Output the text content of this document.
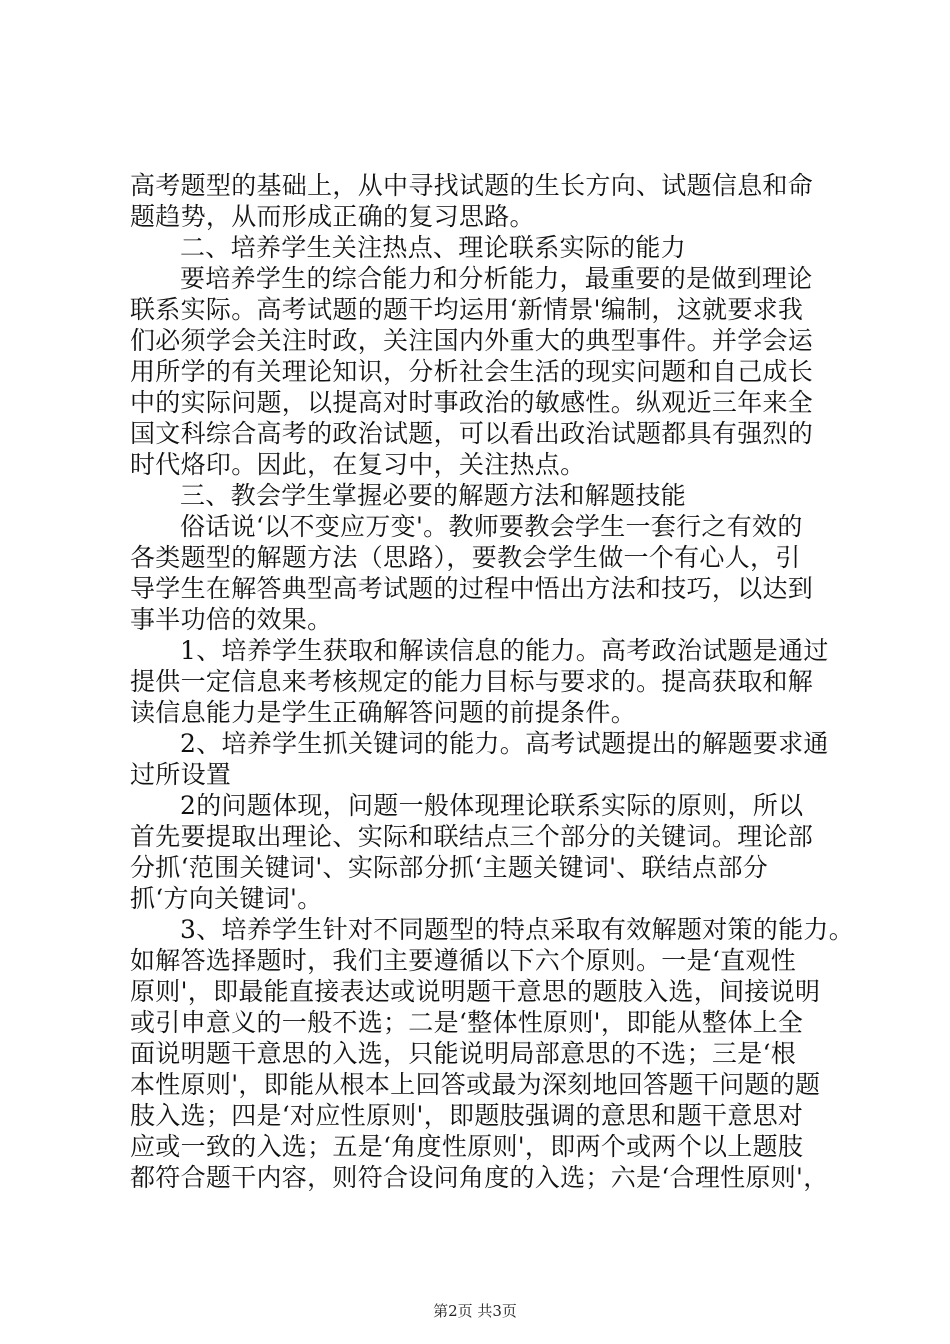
高考题型的基础上，从中寻找试题的生长方向、试题信息和命
题趋势，从而形成正确的复习思路。
二、培养学生关注热点、理论联系实际的能力
要培养学生的综合能力和分析能力，最重要的是做到理论
联系实际。高考试题的题干均运用‘新情景'编制，这就要求我
们必须学会关注时政，关注国内外重大的典型事件。并学会运
用所学的有关理论知识，分析社会生活的现实问题和自己成长
中的实际问题，以提高对时事政治的敏感性。纵观近三年来全
国文科综合高考的政治试题，可以看出政治试题都具有强烈的
时代烙印。因此，在复习中，关注热点。
三、教会学生掌握必要的解题方法和解题技能
俗话说‘以不变应万变'。教师要教会学生一套行之有效的
各类题型的解题方法（思路），要教会学生做一个有心人，引
导学生在解答典型高考试题的过程中悟出方法和技巧，以达到
事半功倍的效果。
1、培养学生获取和解读信息的能力。高考政治试题是通过
提供一定信息来考核规定的能力目标与要求的。提高获取和解
读信息能力是学生正确解答问题的前提条件。
2、培养学生抓关键词的能力。高考试题提出的解题要求通
过所设置
2的问题体现，问题一般体现理论联系实际的原则，所以
首先要提取出理论、实际和联结点三个部分的关键词。理论部
分抓‘范围关键词'、实际部分抓‘主题关键词'、联结点部分
抓‘方向关键词'。
3、培养学生针对不同题型的特点采取有效解题对策的能力。
如解答选择题时，我们主要遵循以下六个原则。一是‘直观性
原则'，即最能直接表达或说明题干意思的题肢入选，间接说明
或引申意义的一般不选；二是‘整体性原则'，即能从整体上全
面说明题干意思的入选，只能说明局部意思的不选；三是‘根
本性原则'，即能从根本上回答或最为深刻地回答题干问题的题
肢入选；四是‘对应性原则'，即题肢强调的意思和题干意思对
应或一致的入选；五是‘角度性原则'，即两个或两个以上题肢
都符合题干内容，则符合设问角度的入选；六是‘合理性原则'，
第2页 共3页
